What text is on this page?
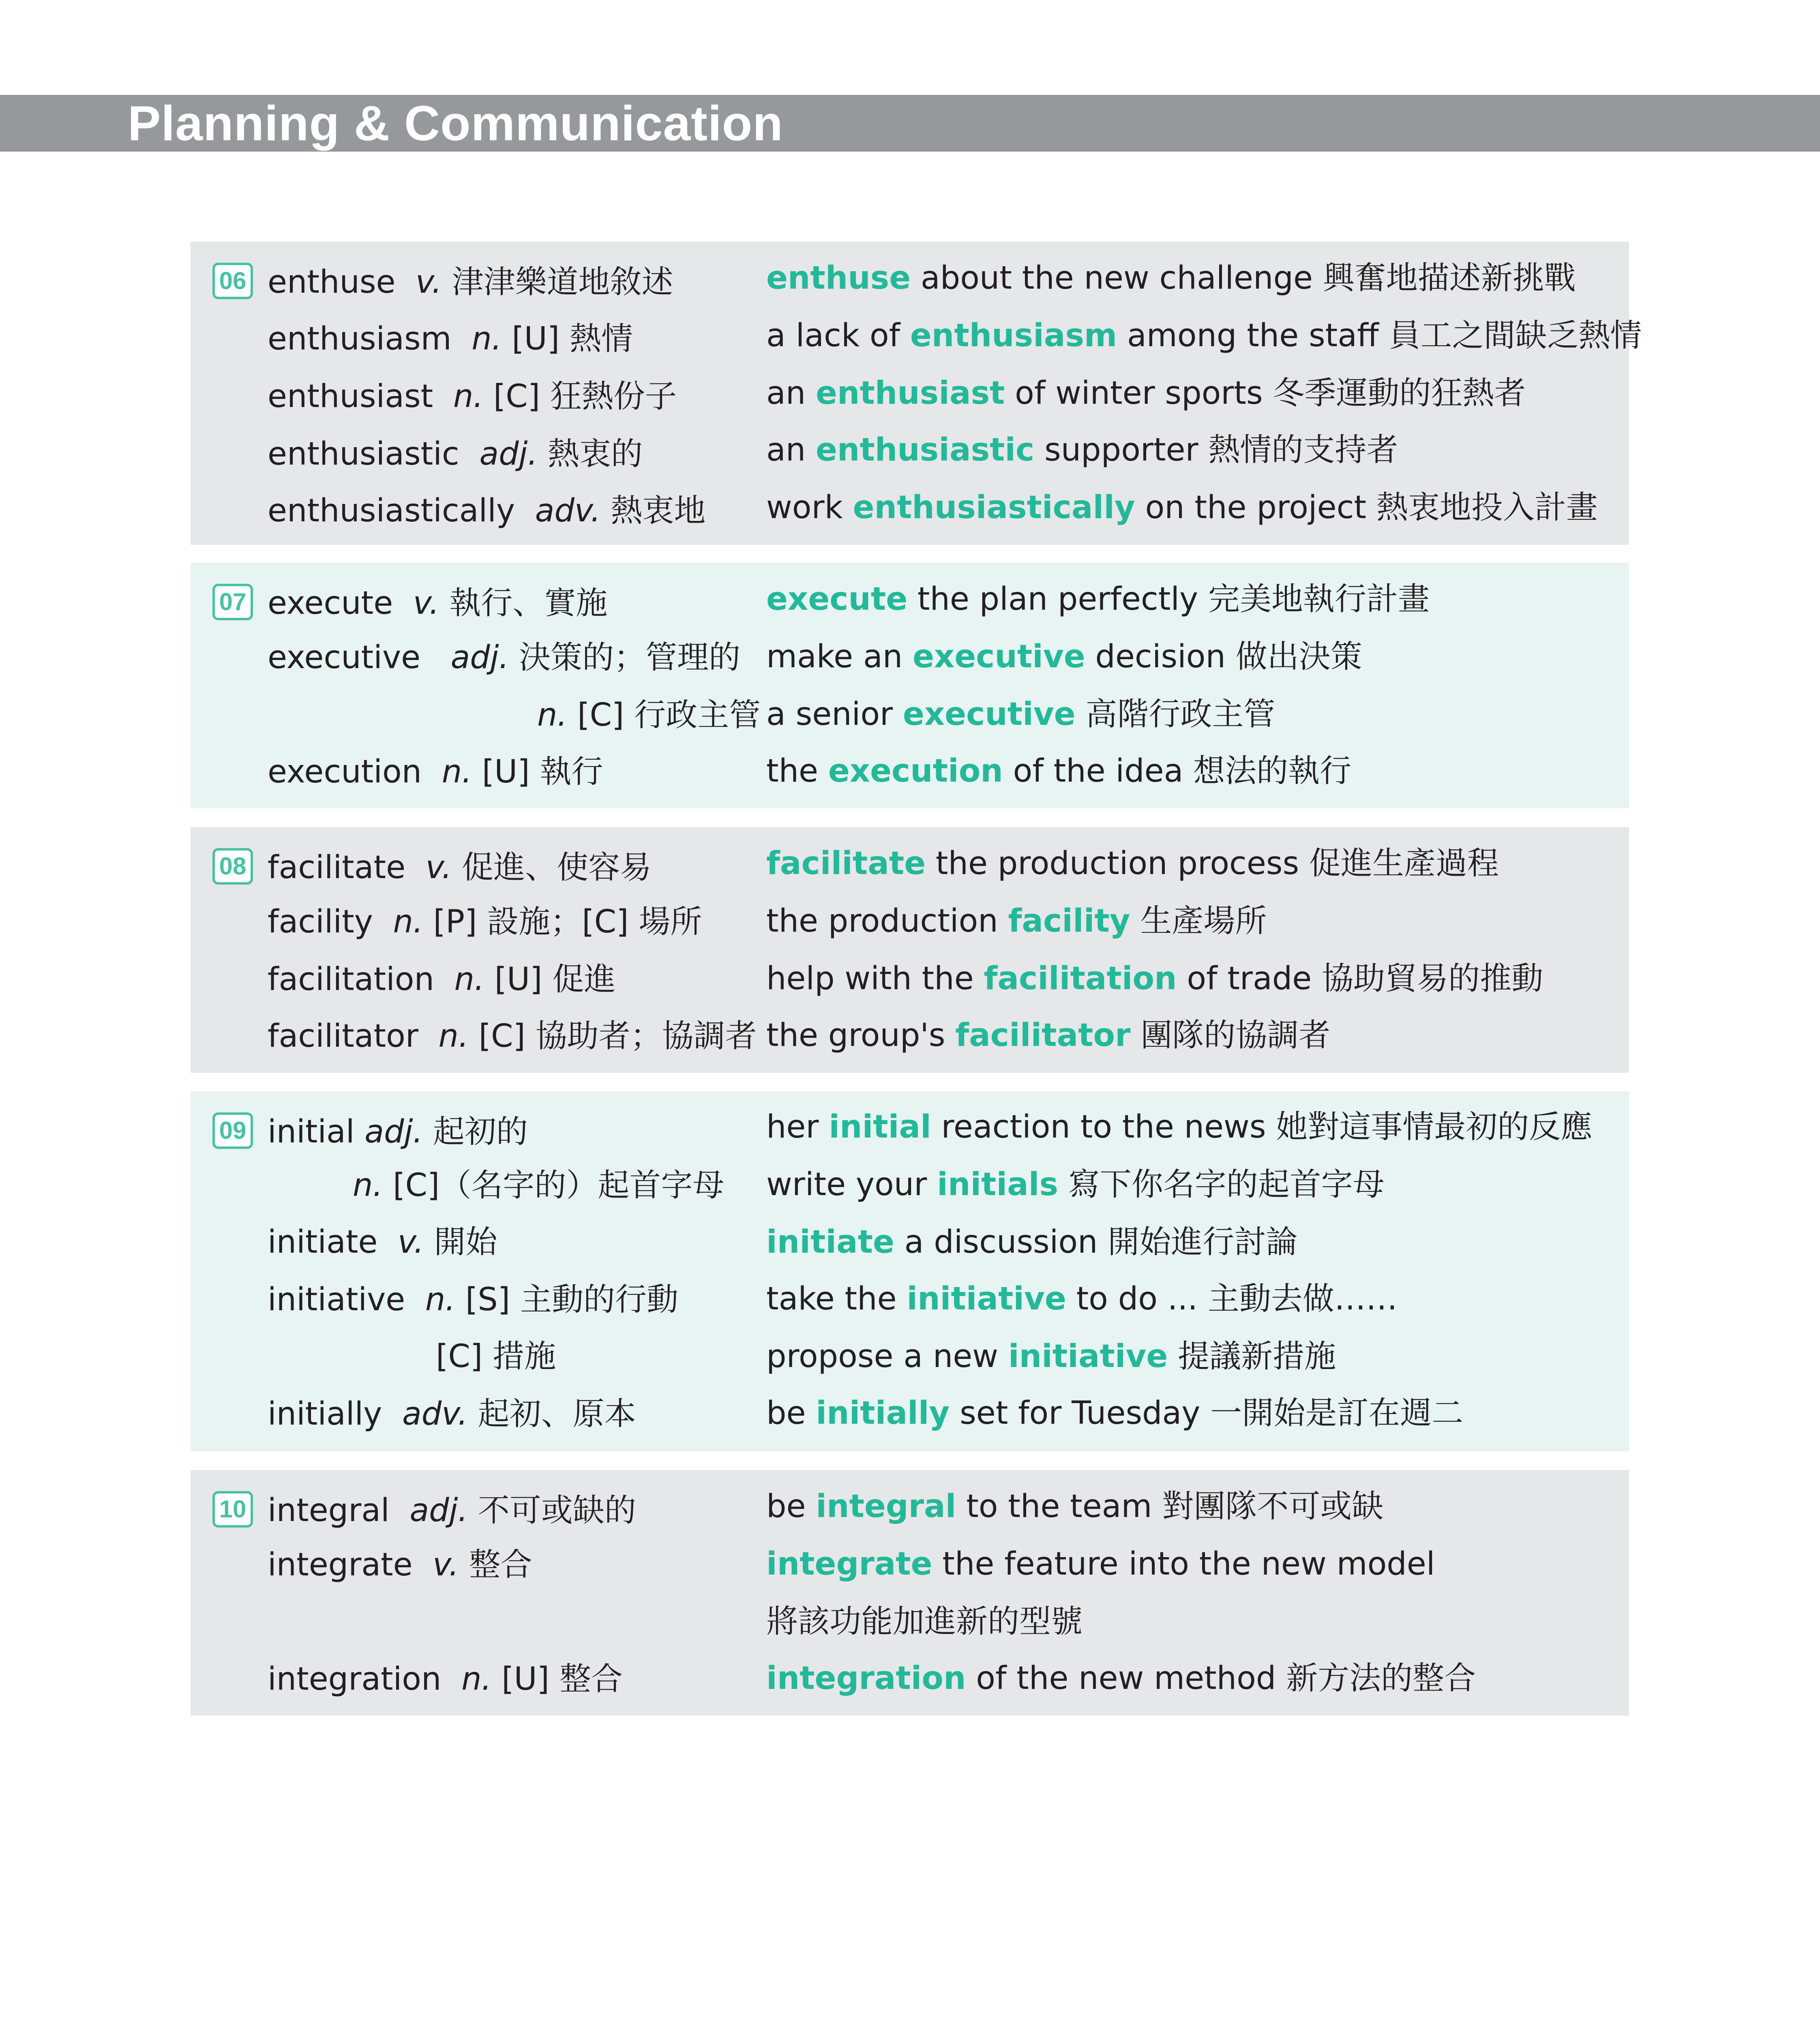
Planning & Communication
06 enthuse v. 津津樂道地敘述
enthusiasm n. [U] 熱情
enthusiast n. [C] 狂熱份子
enthusiastic adj. 熱衷的
enthusiastically adv. 熱衷地
enthuse about the new challenge 興奮地描述新挑戰
a lack of enthusiasm among the staff 員工之間缺乏熱情
an enthusiast of winter sports 冬季運動的狂熱者
an enthusiastic supporter 熱情的支持者
work enthusiastically on the project 熱衷地投入計畫
07 execute v. 執行、實施
executive adj. 決策的；管理的
n. [C] 行政主管
execution n. [U] 執行
execute the plan perfectly 完美地執行計畫
make an executive decision 做出決策
a senior executive 高階行政主管
the execution of the idea 想法的執行
08 facilitate v. 促進、使容易
facility n. [P] 設施；[C] 場所
facilitation n. [U] 促進
facilitator n. [C] 協助者；協調者
facilitate the production process 促進生產過程
the production facility 生產場所
help with the facilitation of trade 協助貿易的推動
the group's facilitator 團隊的協調者
09 initial adj. 起初的
n. [C]（名字的）起首字母
initiate v. 開始
initiative n. [S] 主動的行動
[C] 措施
initially adv. 起初、原本
her initial reaction to the news 她對這事情最初的反應
write your initials 寫下你名字的起首字母
initiate a discussion 開始進行討論
take the initiative to do ... 主動去做……
propose a new initiative 提議新措施
be initially set for Tuesday 一開始是訂在週二
10 integral adj. 不可或缺的
integrate v. 整合
integration n. [U] 整合
be integral to the team 對團隊不可或缺
integrate the feature into the new model
將該功能加進新的型號
integration of the new method 新方法的整合
